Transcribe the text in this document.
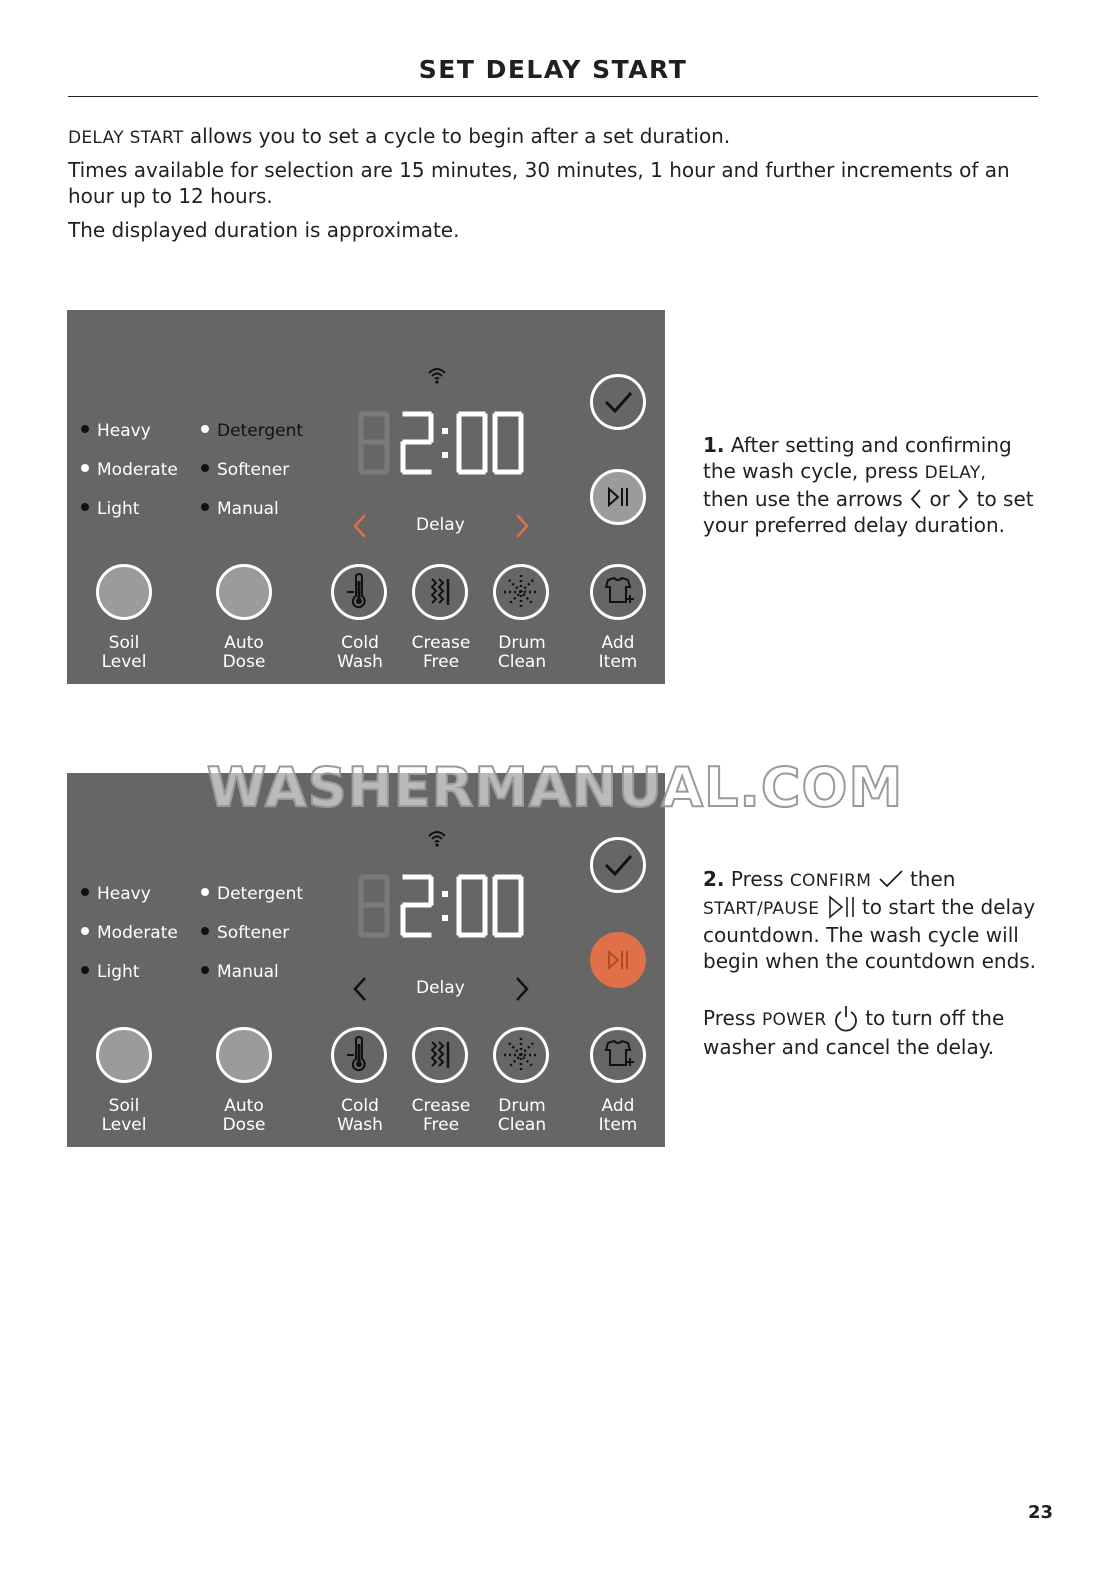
SET DELAY START

DELAY START allows you to set a cycle to begin after a set duration.

Times available for selection are 15 minutes, 30 minutes, 1 hour and further increments of an hour up to 12 hours.

The displayed duration is approximate.

Heavy
Moderate
Light
Detergent
Softener
Manual
Delay
Soil
Level
Auto
Dose
Cold
Wash
Crease
Free
Drum
Clean
Add
Item

1. After setting and confirming the wash cycle, press DELAY, then use the arrows or to set your preferred delay duration.

Heavy
Moderate
Light
Detergent
Softener
Manual
Delay
Soil
Level
Auto
Dose
Cold
Wash
Crease
Free
Drum
Clean
Add
Item
WASHERMANUAL.COM

2. Press CONFIRM then START/PAUSE to start the delay countdown. The wash cycle will begin when the countdown ends.

Press POWER to turn off the washer and cancel the delay.

23
